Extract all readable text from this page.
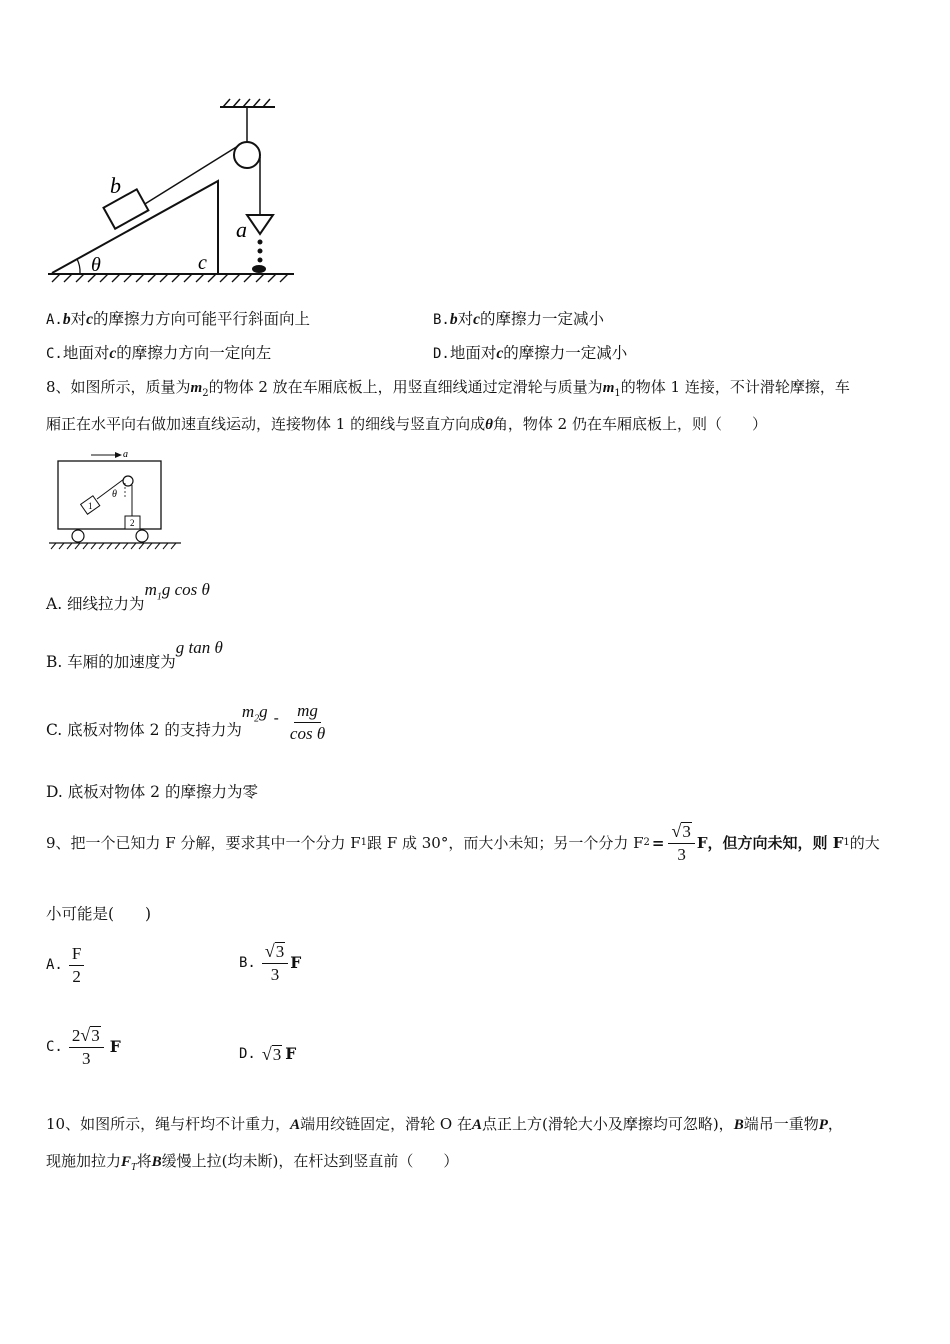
b
a
θ	c
A.b对c的摩擦力方向可能平行斜面向上	B.b对c的摩擦力一定减小
C.地面对c的摩擦力方向一定向左	D.地面对c的摩擦力一定减小
8、如图所示，质量为$m_2$的物体 2 放在车厢底板上，用竖直细线通过定滑轮与质量为$m_1$的物体 1 连接，不计滑轮摩擦，车
厢正在水平向右做加速直线运动，连接物体 1 的细线与竖直方向成θ角，物体 2 仍在车厢底板上，则（　　）
a
θ
1
2
A. 细线拉力为$m_1g$ cos θ
B. 车厢的加速度为g tan θ
C. 底板对物体 2 的支持力为
$m_2g - \frac{mg}{\text{cos θ}}$
D. 底板对物体 2 的摩擦力为零
9、把一个已知力 F 分解，要求其中一个分力 F 1 跟 F 成 30°，而大小未知；另一个分力 F $2 = \frac{√ 3}{3}$ F，但方向未知，则 F 1 的大
小可能是(　　)
A. $\frac{F}{2}$	B. $\frac{√ 3}{3}$ F
C. $\frac{2 √ 3}{3}$ F	D. √ 3 F
10、如图所示，绳与杆均不计重力，A端用绞链固定，滑轮 O 在A点正上方(滑轮大小及摩擦均可忽略)，B端吊一重物P，
现施加拉力$F_T$将B缓慢上拉(均未断)，在杆达到竖直前（　　）
